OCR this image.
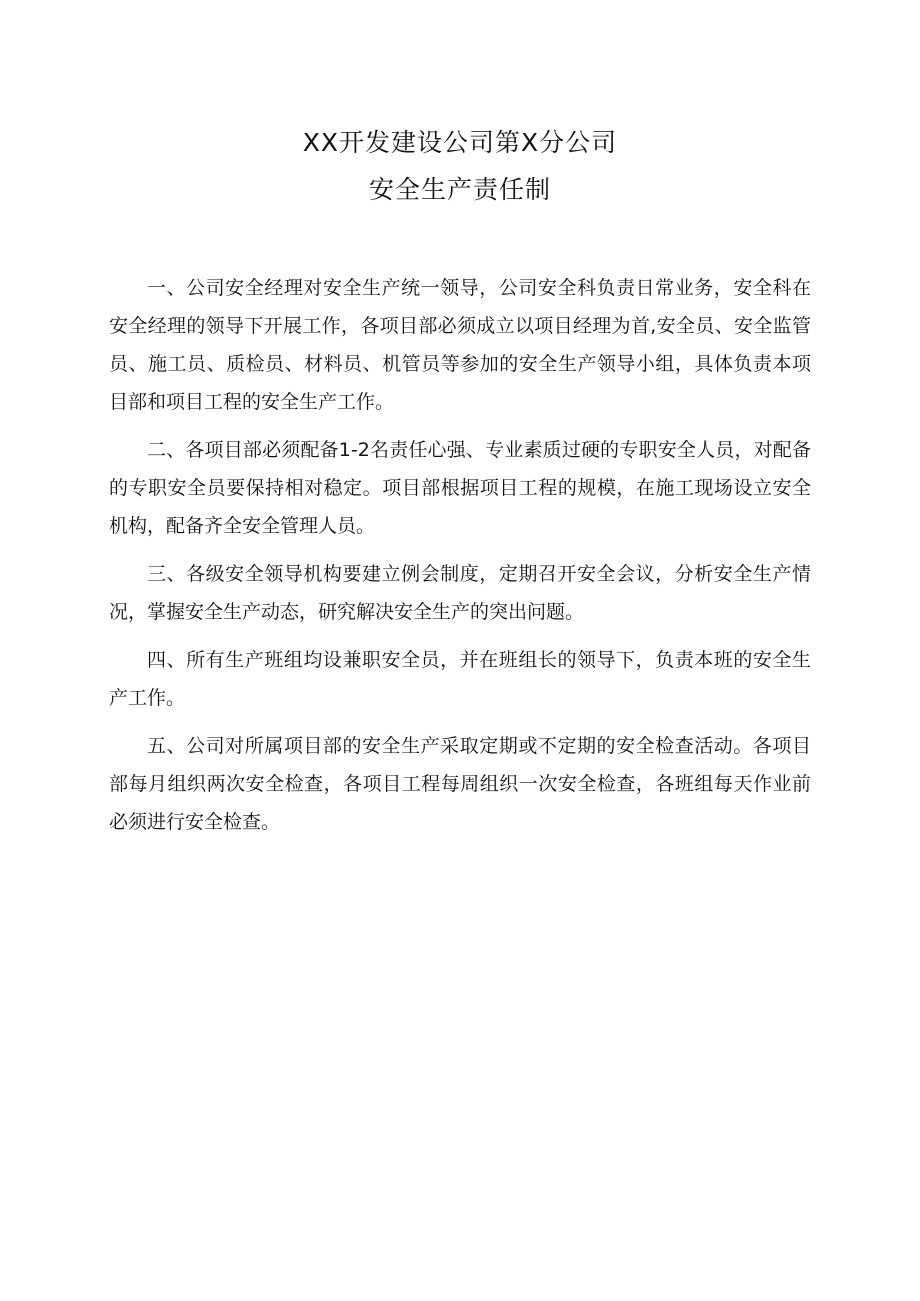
XX开发建设公司第X分公司
安全生产责任制

一、公司安全经理对安全生产统一领导，公司安全科负责日常业务，安全科在安全经理的领导下开展工作，各项目部必须成立以项目经理为首,安全员、安全监管员、施工员、质检员、材料员、机管员等参加的安全生产领导小组，具体负责本项目部和项目工程的安全生产工作。

二、各项目部必须配备1-2名责任心强、专业素质过硬的专职安全人员，对配备的专职安全员要保持相对稳定。项目部根据项目工程的规模，在施工现场设立安全机构，配备齐全安全管理人员。

三、各级安全领导机构要建立例会制度，定期召开安全会议，分析安全生产情况，掌握安全生产动态，研究解决安全生产的突出问题。

四、所有生产班组均设兼职安全员，并在班组长的领导下，负责本班的安全生产工作。

五、公司对所属项目部的安全生产采取定期或不定期的安全检查活动。各项目部每月组织两次安全检查，各项目工程每周组织一次安全检查，各班组每天作业前必须进行安全检查。
